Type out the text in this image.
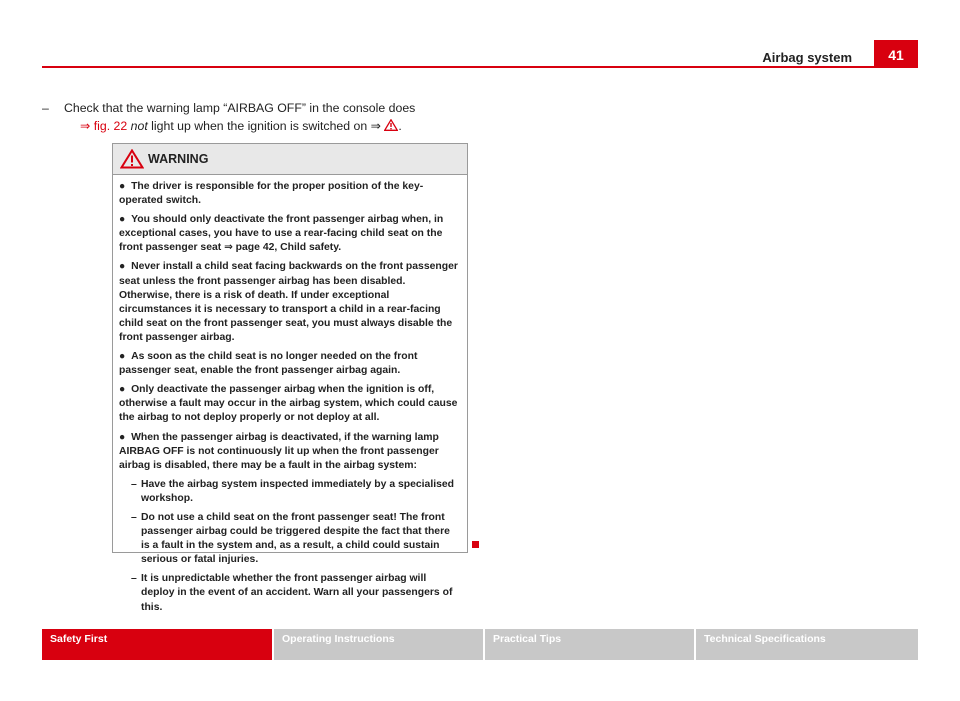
Airbag system	41
– Check that the warning lamp “AIRBAG OFF” in the console does
⇒ fig. 22 not light up when the ignition is switched on ⇒ .
WARNING

● The driver is responsible for the proper position of the key-operated switch.

● You should only deactivate the front passenger airbag when, in exceptional cases, you have to use a rear-facing child seat on the front passenger seat ⇒ page 42, Child safety.

● Never install a child seat facing backwards on the front passenger seat unless the front passenger airbag has been disabled. Otherwise, there is a risk of death. If under exceptional circumstances it is necessary to transport a child in a rear-facing child seat on the front passenger seat, you must always disable the front passenger airbag.

● As soon as the child seat is no longer needed on the front passenger seat, enable the front passenger airbag again.

● Only deactivate the passenger airbag when the ignition is off, otherwise a fault may occur in the airbag system, which could cause the airbag to not deploy properly or not deploy at all.

● When the passenger airbag is deactivated, if the warning lamp AIRBAG OFF is not continuously lit up when the front passenger airbag is disabled, there may be a fault in the airbag system:

– Have the airbag system inspected immediately by a specialised workshop.
– Do not use a child seat on the front passenger seat! The front passenger airbag could be triggered despite the fact that there is a fault in the system and, as a result, a child could sustain serious or fatal injuries.
– It is unpredictable whether the front passenger airbag will deploy in the event of an accident. Warn all your passengers of this.
Safety First	Operating Instructions	Practical Tips	Technical Specifications
